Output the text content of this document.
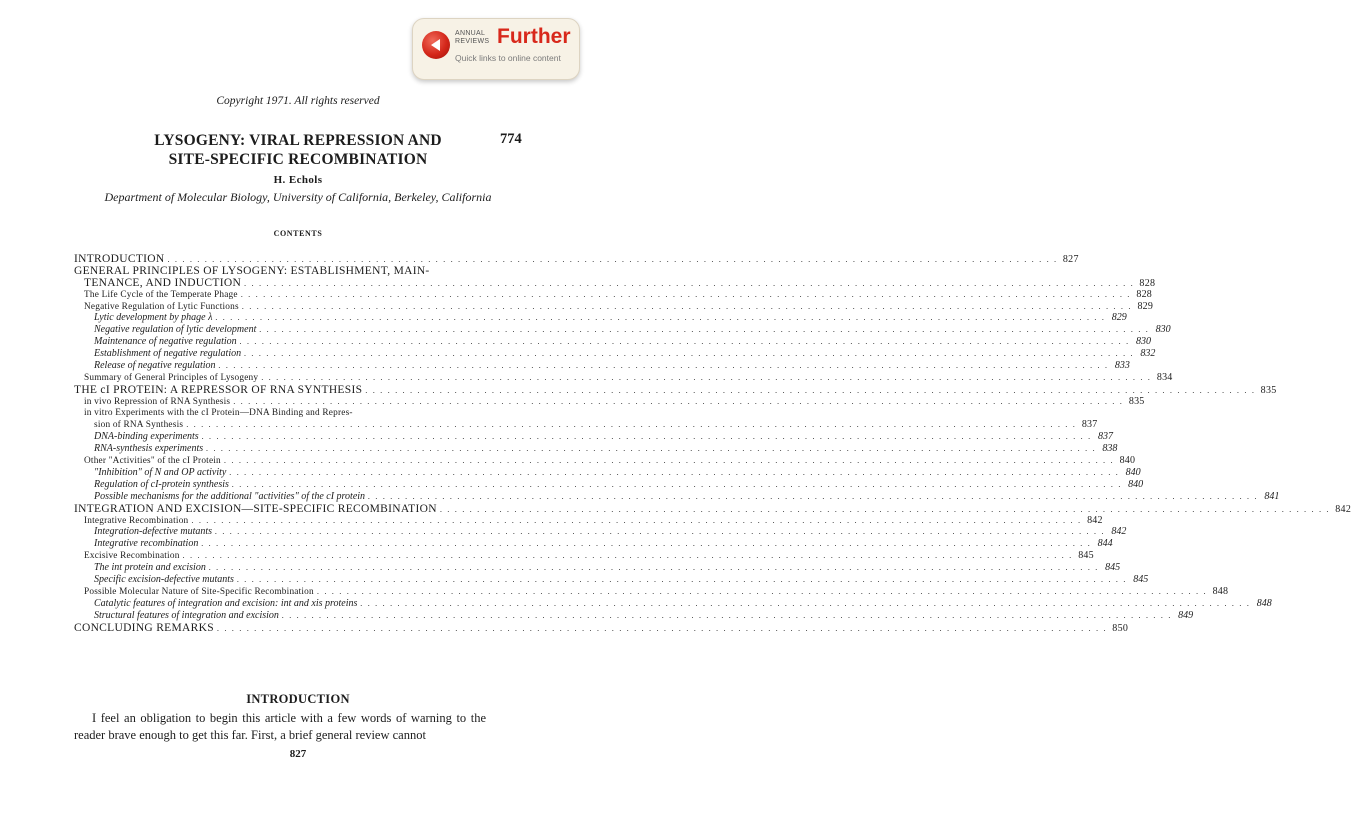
ANNUAL
REVIEWS Further
Quick links to online content
Copyright 1971. All rights reserved
LYSOGENY: VIRAL REPRESSION AND
SITE-SPECIFIC RECOMBINATION
774
H. Echols
Department of Molecular Biology, University of California, Berkeley, California
CONTENTS
INTRODUCTION . . . . . . . . . . . . . . . . . . . . . . . . . . . . . . . . . . . . . . . . . . . . . . . . . . . . . . . . . . . . . . . . . . . . . . . . . . . . . . . . . . . . . . . . . . . . . . . . . . . . . . . . . . . . . . . . . . . . . . . . 827
GENERAL PRINCIPLES OF LYSOGENY: ESTABLISHMENT, MAIN-
TENANCE, AND INDUCTION . . . . . . . . . . . . . . . . . . . . . . . . . . . . . . . . . . . . . . . . . . . . . . . . . . . . . . . . . . . . . . . . . . . . . . . . . . . . . . . . . . . . . . . . . . . . . . . . . . . . . . . . . . . . . . . . . . . . . . . . 828
The Life Cycle of the Temperate Phage . . . . . . . . . . . . . . . . . . . . . . . . . . . . . . . . . . . . . . . . . . . . . . . . . . . . . . . . . . . . . . . . . . . . . . . . . . . . . . . . . . . . . . . . . . . . . . . . . . . . . . . . . . . . . . . . . . . . . . . . 828
Negative Regulation of Lytic Functions . . . . . . . . . . . . . . . . . . . . . . . . . . . . . . . . . . . . . . . . . . . . . . . . . . . . . . . . . . . . . . . . . . . . . . . . . . . . . . . . . . . . . . . . . . . . . . . . . . . . . . . . . . . . . . . . . . . . . . . . 829
Lytic development by phage λ . . . . . . . . . . . . . . . . . . . . . . . . . . . . . . . . . . . . . . . . . . . . . . . . . . . . . . . . . . . . . . . . . . . . . . . . . . . . . . . . . . . . . . . . . . . . . . . . . . . . . . . . . . . . . . . . . . . . . . . . 829
Negative regulation of lytic development . . . . . . . . . . . . . . . . . . . . . . . . . . . . . . . . . . . . . . . . . . . . . . . . . . . . . . . . . . . . . . . . . . . . . . . . . . . . . . . . . . . . . . . . . . . . . . . . . . . . . . . . . . . . . . . . . . . . . . . . 830
Maintenance of negative regulation . . . . . . . . . . . . . . . . . . . . . . . . . . . . . . . . . . . . . . . . . . . . . . . . . . . . . . . . . . . . . . . . . . . . . . . . . . . . . . . . . . . . . . . . . . . . . . . . . . . . . . . . . . . . . . . . . . . . . . . . 830
Establishment of negative regulation . . . . . . . . . . . . . . . . . . . . . . . . . . . . . . . . . . . . . . . . . . . . . . . . . . . . . . . . . . . . . . . . . . . . . . . . . . . . . . . . . . . . . . . . . . . . . . . . . . . . . . . . . . . . . . . . . . . . . . . . 832
Release of negative regulation . . . . . . . . . . . . . . . . . . . . . . . . . . . . . . . . . . . . . . . . . . . . . . . . . . . . . . . . . . . . . . . . . . . . . . . . . . . . . . . . . . . . . . . . . . . . . . . . . . . . . . . . . . . . . . . . . . . . . . . . 833
Summary of General Principles of Lysogeny . . . . . . . . . . . . . . . . . . . . . . . . . . . . . . . . . . . . . . . . . . . . . . . . . . . . . . . . . . . . . . . . . . . . . . . . . . . . . . . . . . . . . . . . . . . . . . . . . . . . . . . . . . . . . . . . . . . . . . . . 834
THE cI PROTEIN: A REPRESSOR OF RNA SYNTHESIS . . . . . . . . . . . . . . . . . . . . . . . . . . . . . . . . . . . . . . . . . . . . . . . . . . . . . . . . . . . . . . . . . . . . . . . . . . . . . . . . . . . . . . . . . . . . . . . . . . . . . . . . . . . . . . . . . . . . . . . . 835
in vivo Repression of RNA Synthesis . . . . . . . . . . . . . . . . . . . . . . . . . . . . . . . . . . . . . . . . . . . . . . . . . . . . . . . . . . . . . . . . . . . . . . . . . . . . . . . . . . . . . . . . . . . . . . . . . . . . . . . . . . . . . . . . . . . . . . . . 835
in vitro Experiments with the cI Protein—DNA Binding and Repres-
sion of RNA Synthesis . . . . . . . . . . . . . . . . . . . . . . . . . . . . . . . . . . . . . . . . . . . . . . . . . . . . . . . . . . . . . . . . . . . . . . . . . . . . . . . . . . . . . . . . . . . . . . . . . . . . . . . . . . . . . . . . . . . . . . . . 837
DNA-binding experiments . . . . . . . . . . . . . . . . . . . . . . . . . . . . . . . . . . . . . . . . . . . . . . . . . . . . . . . . . . . . . . . . . . . . . . . . . . . . . . . . . . . . . . . . . . . . . . . . . . . . . . . . . . . . . . . . . . . . . . . . 837
RNA-synthesis experiments . . . . . . . . . . . . . . . . . . . . . . . . . . . . . . . . . . . . . . . . . . . . . . . . . . . . . . . . . . . . . . . . . . . . . . . . . . . . . . . . . . . . . . . . . . . . . . . . . . . . . . . . . . . . . . . . . . . . . . . . 838
Other "Activities" of the cI Protein . . . . . . . . . . . . . . . . . . . . . . . . . . . . . . . . . . . . . . . . . . . . . . . . . . . . . . . . . . . . . . . . . . . . . . . . . . . . . . . . . . . . . . . . . . . . . . . . . . . . . . . . . . . . . . . . . . . . . . . . 840
"Inhibition" of N and OP activity . . . . . . . . . . . . . . . . . . . . . . . . . . . . . . . . . . . . . . . . . . . . . . . . . . . . . . . . . . . . . . . . . . . . . . . . . . . . . . . . . . . . . . . . . . . . . . . . . . . . . . . . . . . . . . . . . . . . . . . . 840
Regulation of cI-protein synthesis . . . . . . . . . . . . . . . . . . . . . . . . . . . . . . . . . . . . . . . . . . . . . . . . . . . . . . . . . . . . . . . . . . . . . . . . . . . . . . . . . . . . . . . . . . . . . . . . . . . . . . . . . . . . . . . . . . . . . . . . 840
Possible mechanisms for the additional "activities" of the cI protein . . . . . . . . . . . . . . . . . . . . . . . . . . . . . . . . . . . . . . . . . . . . . . . . . . . . . . . . . . . . . . . . . . . . . . . . . . . . . . . . . . . . . . . . . . . . . . . . . . . . . . . . . . . . . . . . . . . . . . . . 841
INTEGRATION AND EXCISION—SITE-SPECIFIC RECOMBINATION . . . . . . . . . . . . . . . . . . . . . . . . . . . . . . . . . . . . . . . . . . . . . . . . . . . . . . . . . . . . . . . . . . . . . . . . . . . . . . . . . . . . . . . . . . . . . . . . . . . . . . . . . . . . . . . . . . . . . . . . 842
Integrative Recombination . . . . . . . . . . . . . . . . . . . . . . . . . . . . . . . . . . . . . . . . . . . . . . . . . . . . . . . . . . . . . . . . . . . . . . . . . . . . . . . . . . . . . . . . . . . . . . . . . . . . . . . . . . . . . . . . . . . . . . . . 842
Integration-defective mutants . . . . . . . . . . . . . . . . . . . . . . . . . . . . . . . . . . . . . . . . . . . . . . . . . . . . . . . . . . . . . . . . . . . . . . . . . . . . . . . . . . . . . . . . . . . . . . . . . . . . . . . . . . . . . . . . . . . . . . . . 842
Integrative recombination . . . . . . . . . . . . . . . . . . . . . . . . . . . . . . . . . . . . . . . . . . . . . . . . . . . . . . . . . . . . . . . . . . . . . . . . . . . . . . . . . . . . . . . . . . . . . . . . . . . . . . . . . . . . . . . . . . . . . . . . 844
Excisive Recombination . . . . . . . . . . . . . . . . . . . . . . . . . . . . . . . . . . . . . . . . . . . . . . . . . . . . . . . . . . . . . . . . . . . . . . . . . . . . . . . . . . . . . . . . . . . . . . . . . . . . . . . . . . . . . . . . . . . . . . . . 845
The int protein and excision . . . . . . . . . . . . . . . . . . . . . . . . . . . . . . . . . . . . . . . . . . . . . . . . . . . . . . . . . . . . . . . . . . . . . . . . . . . . . . . . . . . . . . . . . . . . . . . . . . . . . . . . . . . . . . . . . . . . . . . . 845
Specific excision-defective mutants . . . . . . . . . . . . . . . . . . . . . . . . . . . . . . . . . . . . . . . . . . . . . . . . . . . . . . . . . . . . . . . . . . . . . . . . . . . . . . . . . . . . . . . . . . . . . . . . . . . . . . . . . . . . . . . . . . . . . . . . 845
Possible Molecular Nature of Site-Specific Recombination . . . . . . . . . . . . . . . . . . . . . . . . . . . . . . . . . . . . . . . . . . . . . . . . . . . . . . . . . . . . . . . . . . . . . . . . . . . . . . . . . . . . . . . . . . . . . . . . . . . . . . . . . . . . . . . . . . . . . . . . 848
Catalytic features of integration and excision: int and xis proteins . . . . . . . . . . . . . . . . . . . . . . . . . . . . . . . . . . . . . . . . . . . . . . . . . . . . . . . . . . . . . . . . . . . . . . . . . . . . . . . . . . . . . . . . . . . . . . . . . . . . . . . . . . . . . . . . . . . . . . . . 848
Structural features of integration and excision . . . . . . . . . . . . . . . . . . . . . . . . . . . . . . . . . . . . . . . . . . . . . . . . . . . . . . . . . . . . . . . . . . . . . . . . . . . . . . . . . . . . . . . . . . . . . . . . . . . . . . . . . . . . . . . . . . . . . . . . 849
CONCLUDING REMARKS . . . . . . . . . . . . . . . . . . . . . . . . . . . . . . . . . . . . . . . . . . . . . . . . . . . . . . . . . . . . . . . . . . . . . . . . . . . . . . . . . . . . . . . . . . . . . . . . . . . . . . . . . . . . . . . . . . . . . . . . 850
INTRODUCTION

I feel an obligation to begin this article with a few words of warning to the reader brave enough to get this far. First, a brief general review cannot

827
